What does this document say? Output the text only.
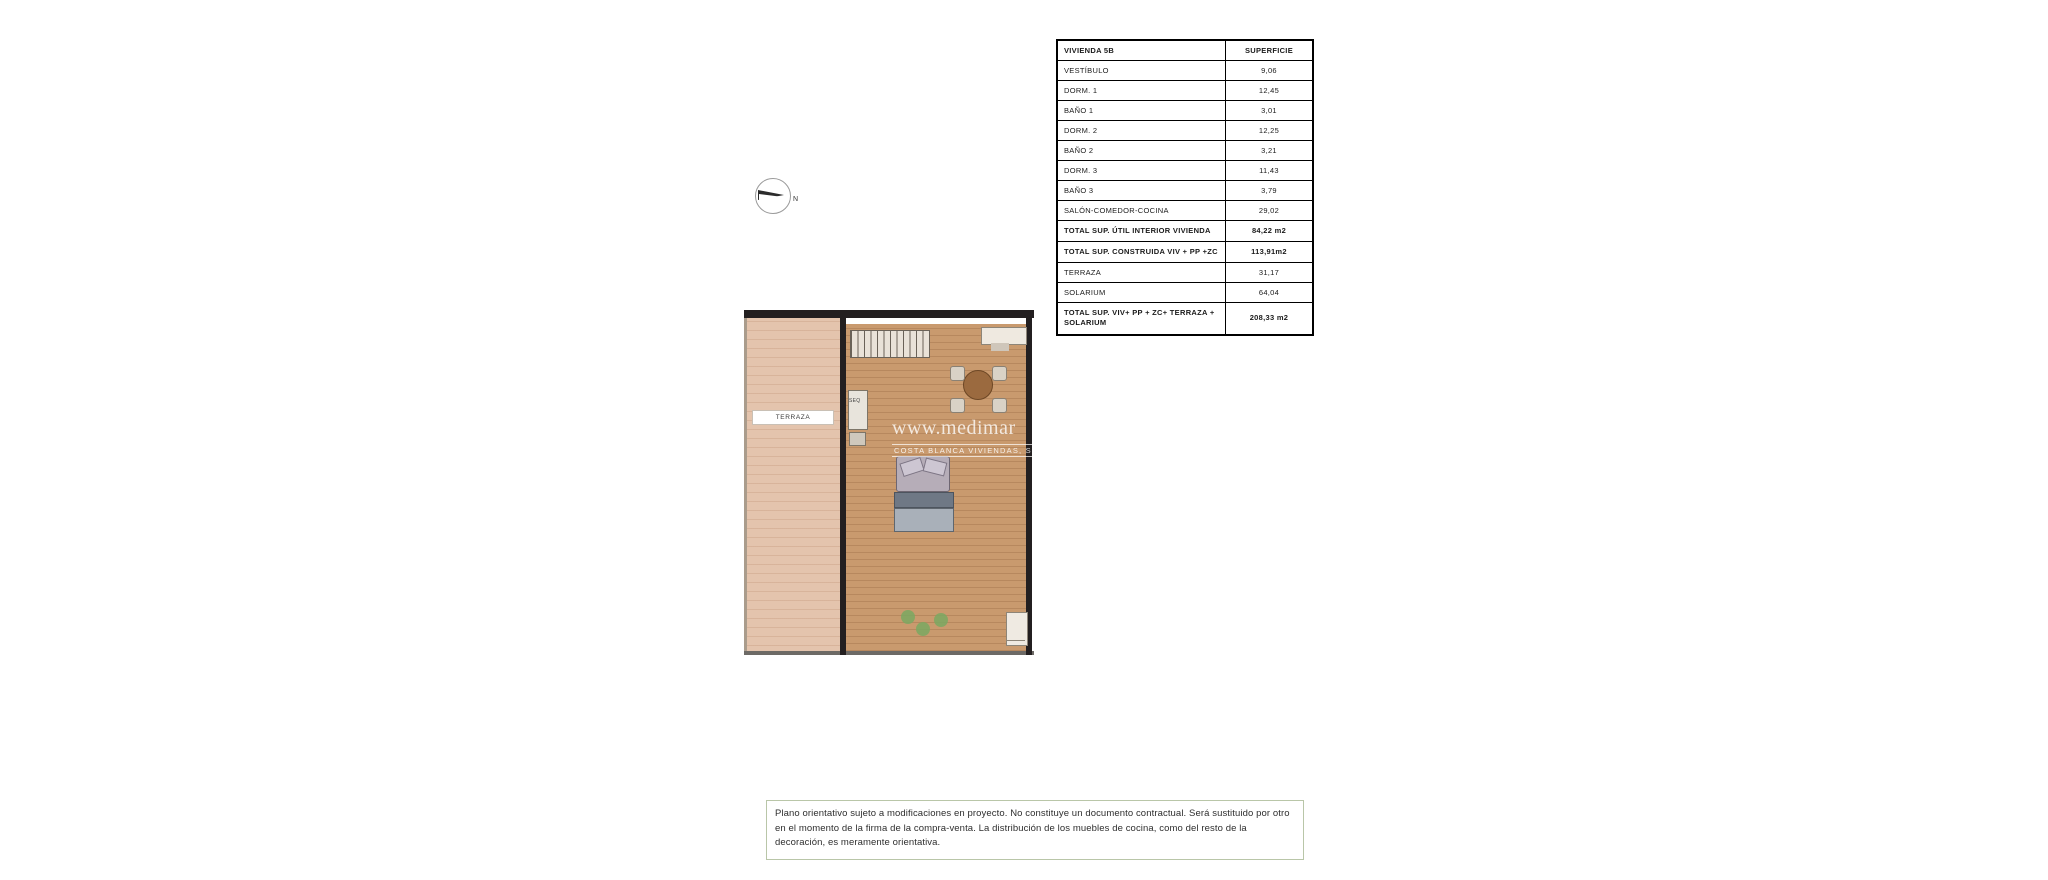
N
TERRAZA
SEQ
www.medimar
COSTA BLANCA VIVIENDAS, S.L
VIVIENDA 5B	SUPERFICIE
VESTÍBULO	9,06
DORM. 1	12,45
BAÑO 1	3,01
DORM. 2	12,25
BAÑO 2	3,21
DORM. 3	11,43
BAÑO 3	3,79
SALÓN-COMEDOR-COCINA	29,02
TOTAL SUP. ÚTIL INTERIOR VIVIENDA	84,22 m2
TOTAL SUP. CONSTRUIDA VIV + PP +ZC	113,91m2
TERRAZA	31,17
SOLARIUM	64,04
TOTAL SUP. VIV+ PP + ZC+ TERRAZA + SOLARIUM	208,33 m2

Plano orientativo sujeto a modificaciones en proyecto. No constituye un documento contractual. Será sustituido por otro en el momento de la firma de la compra-venta. La distribución de los muebles de cocina, como del resto de la decoración, es meramente orientativa.
